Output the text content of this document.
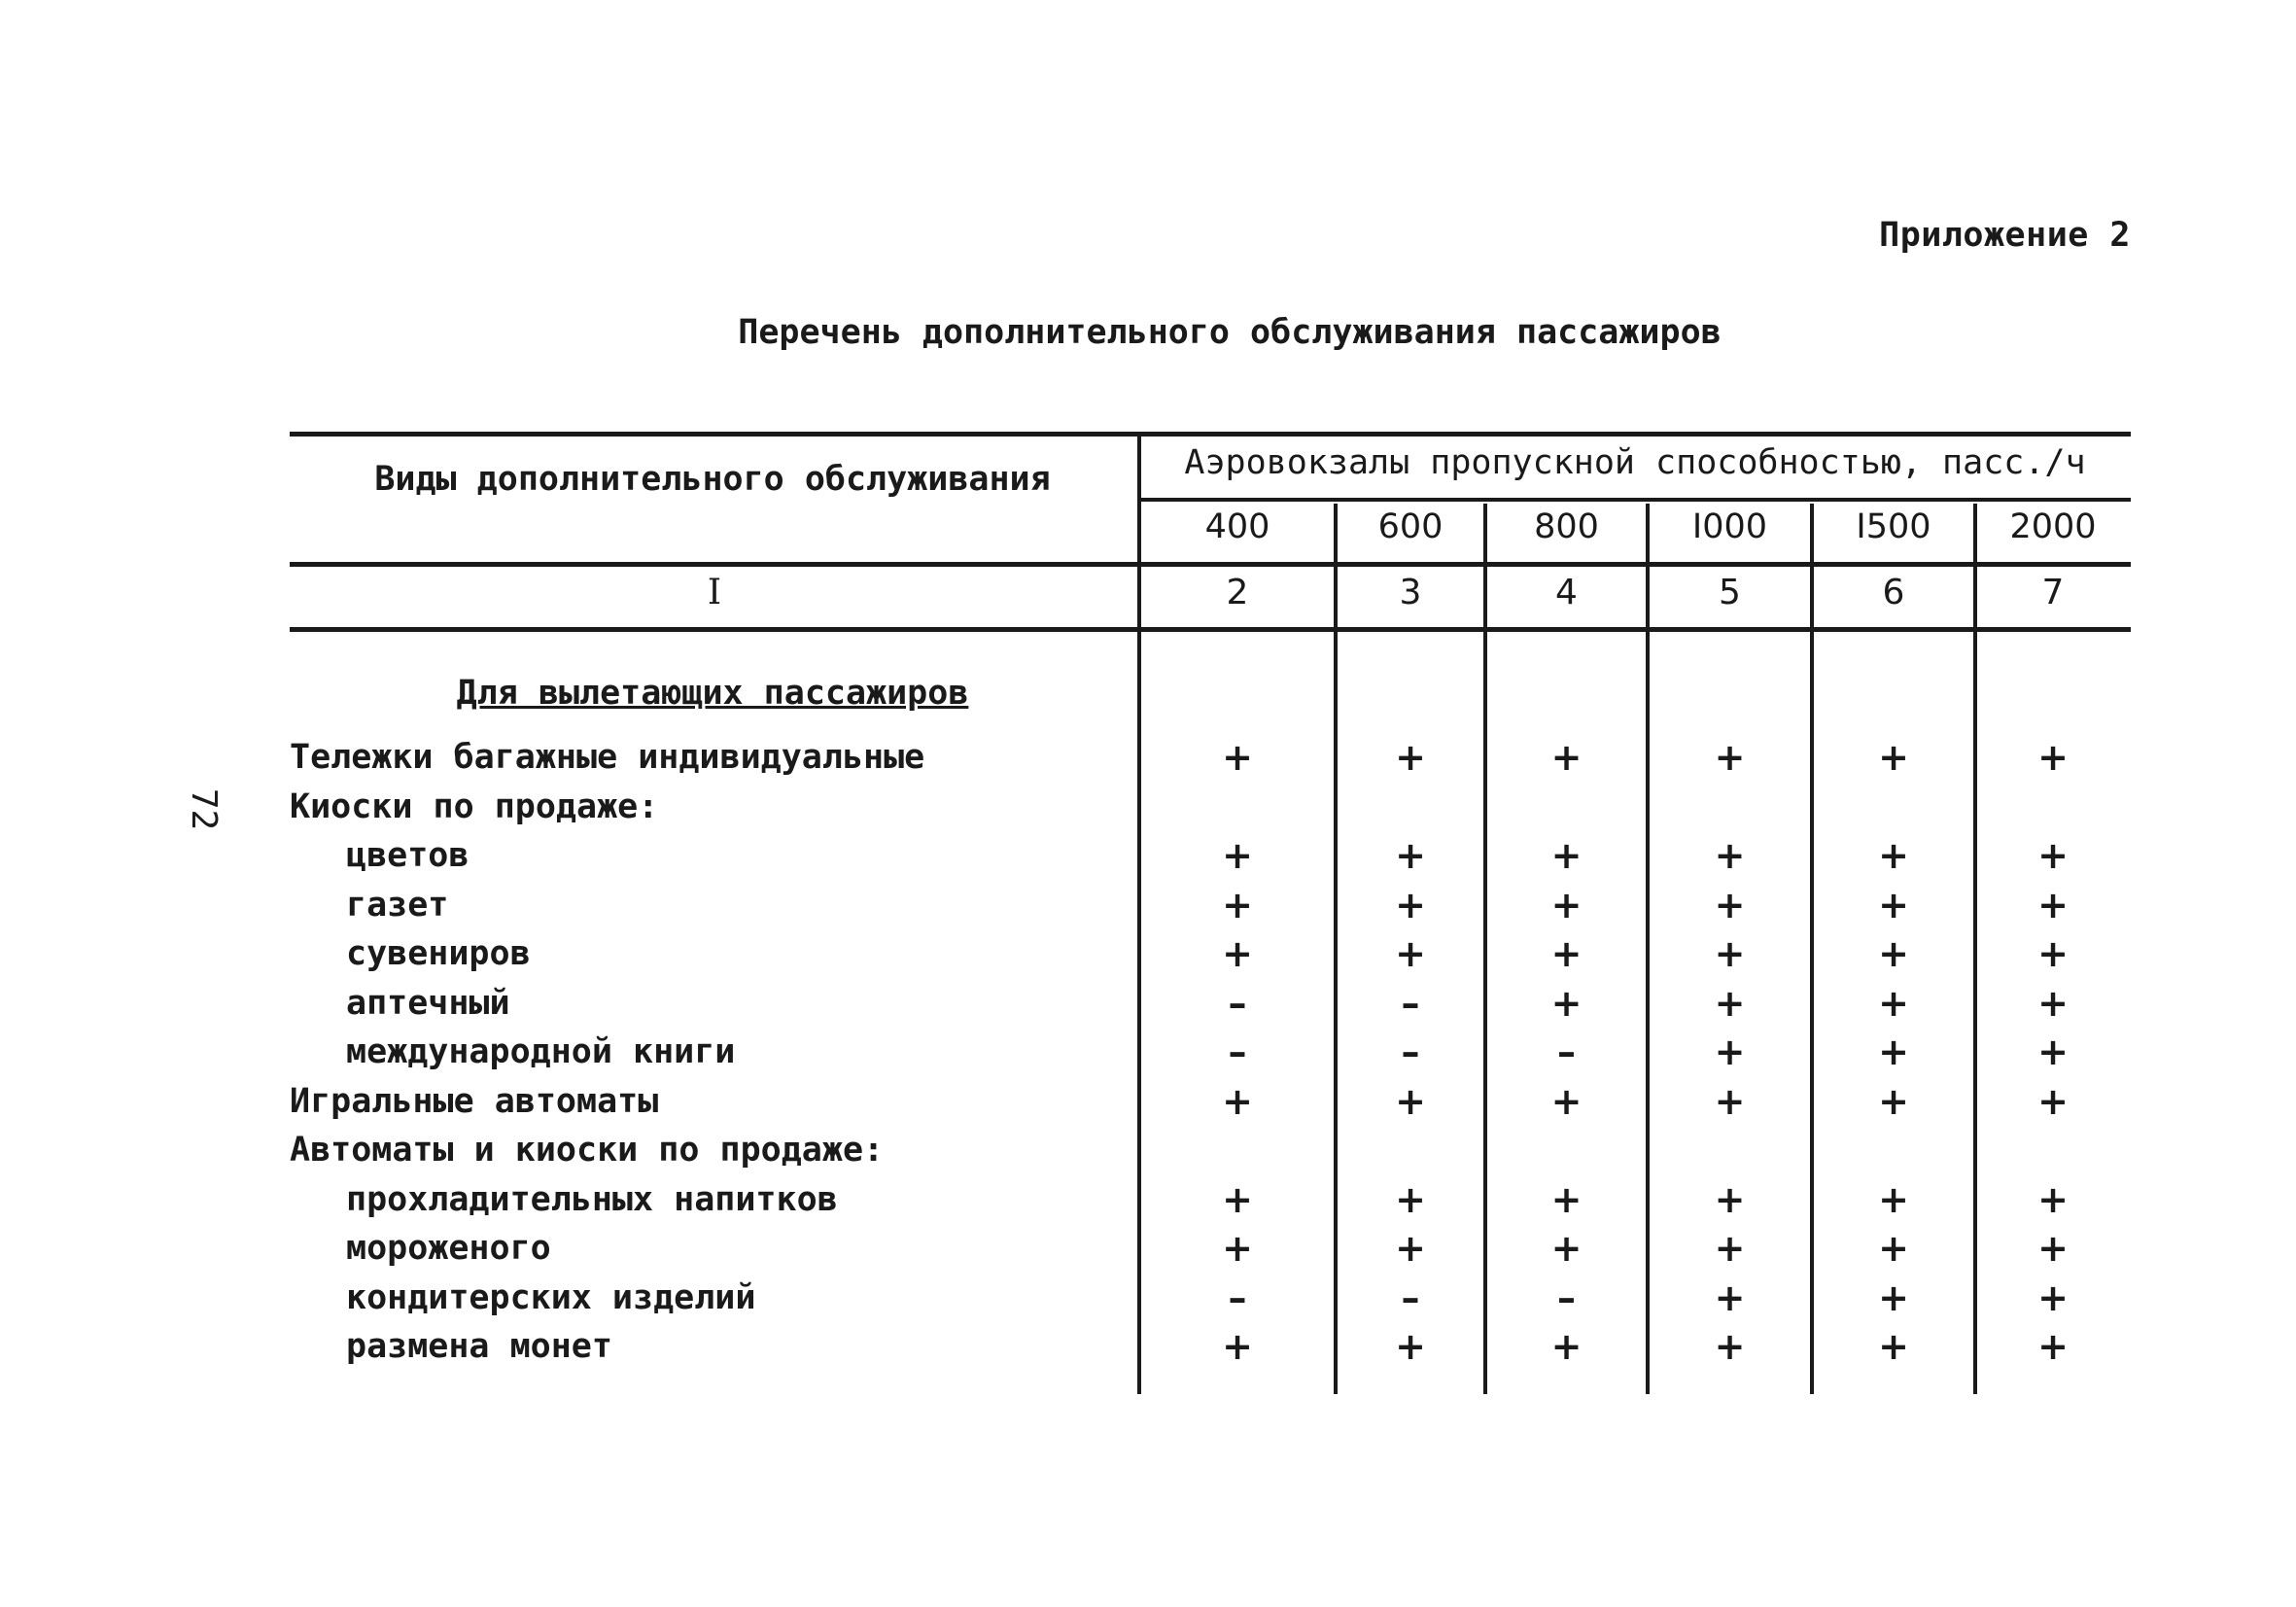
Приложение 2
Перечень дополнительного обслуживания пассажиров
72
Виды дополнительного обслуживания	Аэровокзалы пропускной способностью, пасс./ч
400	600	800	I000	I500	2000
I	2	3	4	5	6	7
Для вылетающих пассажиров
Тележки багажные индивидуальные	+	+	+	+	+	+
Киоски по продаже:
цветов	+	+	+	+	+	+
газет	+	+	+	+	+	+
сувениров	+	+	+	+	+	+
аптечный	–	–	+	+	+	+
международной книги	–	–	–	+	+	+
Игральные автоматы	+	+	+	+	+	+
Автоматы и киоски по продаже:
прохладительных напитков	+	+	+	+	+	+
мороженого	+	+	+	+	+	+
кондитерских изделий	–	–	–	+	+	+
размена монет	+	+	+	+	+	+
